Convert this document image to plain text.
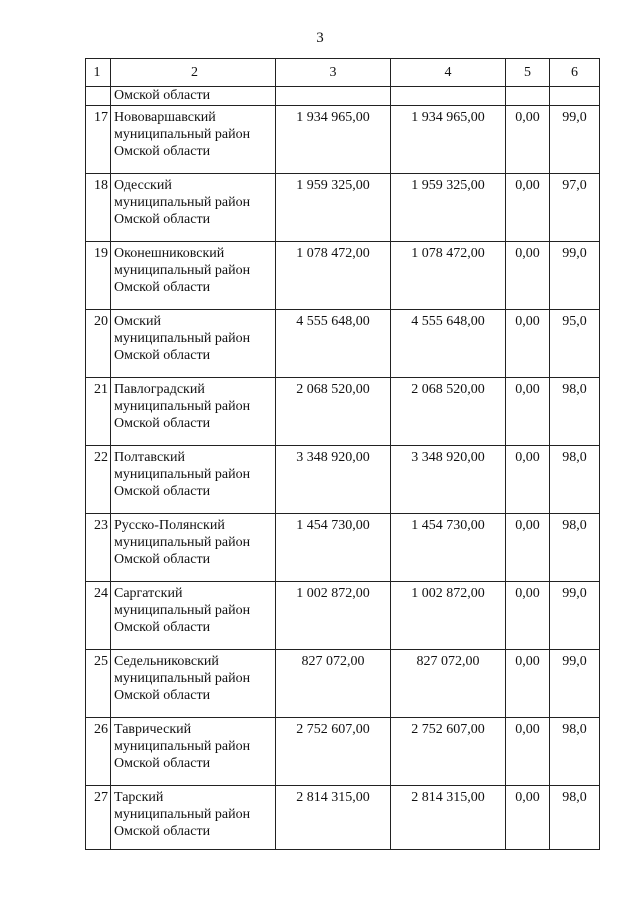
3
1	2	3	4	5	6
	Омской области				
17	Нововаршавский
муниципальный район
Омской области	1 934 965,00	1 934 965,00	0,00	99,0
18	Одесский
муниципальный район
Омской области	1 959 325,00	1 959 325,00	0,00	97,0
19	Оконешниковский
муниципальный район
Омской области	1 078 472,00	1 078 472,00	0,00	99,0
20	Омский
муниципальный район
Омской области	4 555 648,00	4 555 648,00	0,00	95,0
21	Павлоградский
муниципальный район
Омской области	2 068 520,00	2 068 520,00	0,00	98,0
22	Полтавский
муниципальный район
Омской области	3 348 920,00	3 348 920,00	0,00	98,0
23	Русско-Полянский
муниципальный район
Омской области	1 454 730,00	1 454 730,00	0,00	98,0
24	Саргатский
муниципальный район
Омской области	1 002 872,00	1 002 872,00	0,00	99,0
25	Седельниковский
муниципальный район
Омской области	827 072,00	827 072,00	0,00	99,0
26	Таврический
муниципальный район
Омской области	2 752 607,00	2 752 607,00	0,00	98,0
27	Тарский
муниципальный район
Омской области	2 814 315,00	2 814 315,00	0,00	98,0
